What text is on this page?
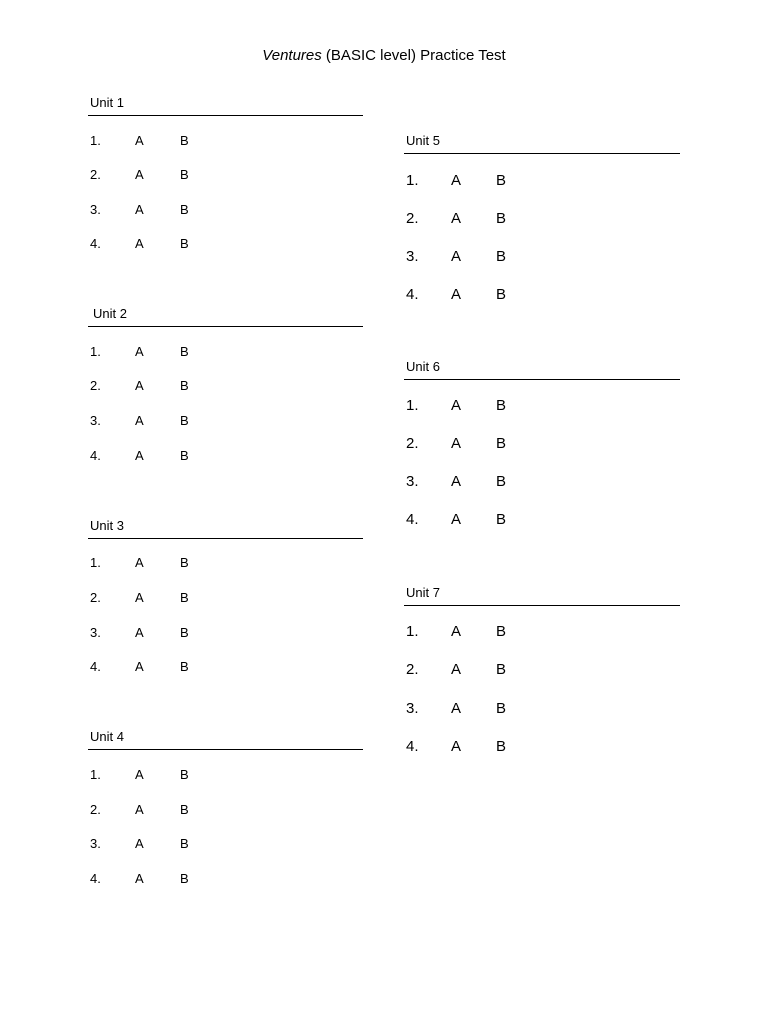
Ventures (BASIC level) Practice Test
Unit 1
1.	A	B
2.	A	B
3.	A	B
4.	A	B
Unit 2
1.	A	B
2.	A	B
3.	A	B
4.	A	B
Unit 3
1.	A	B
2.	A	B
3.	A	B
4.	A	B
Unit 4
1.	A	B
2.	A	B
3.	A	B
4.	A	B
Unit 5
1. A B
2. A B
3. A B
4. A B
Unit 6
1. A B
2. A B
3. A B
4. A B
Unit 7
1. A B
2. A B
3. A B
4. A B
